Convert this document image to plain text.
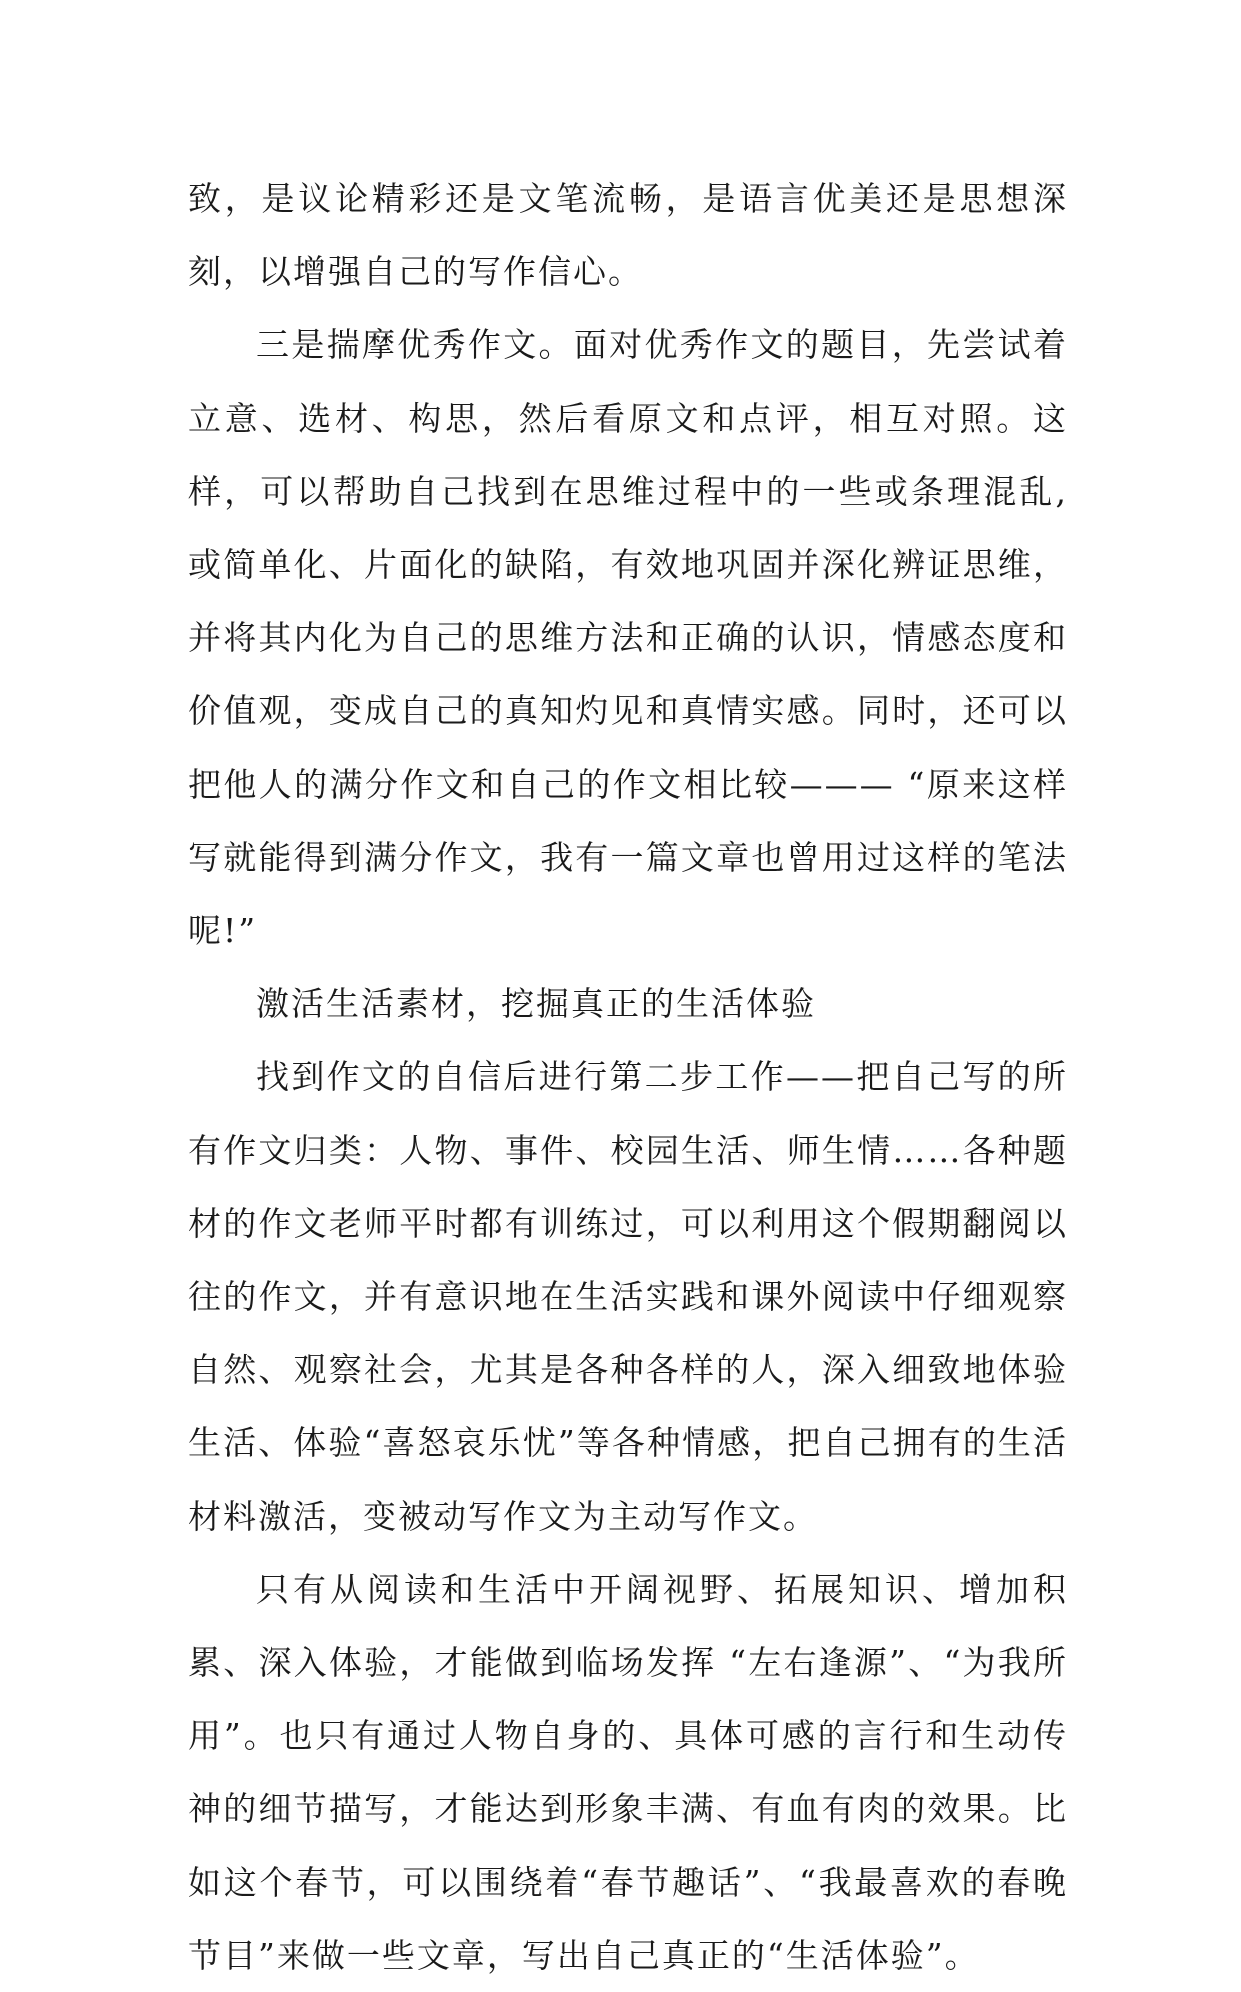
致，是议论精彩还是文笔流畅，是语言优美还是思想深刻，以增强自己的写作信心。

三是揣摩优秀作文。面对优秀作文的题目，先尝试着立意、选材、构思，然后看原文和点评，相互对照。这样，可以帮助自己找到在思维过程中的一些或条理混乱,或简单化、片面化的缺陷，有效地巩固并深化辨证思维，并将其内化为自己的思维方法和正确的认识，情感态度和价值观，变成自己的真知灼见和真情实感。同时，还可以把他人的满分作文和自己的作文相比较——— “原来这样写就能得到满分作文，我有一篇文章也曾用过这样的笔法呢!”

激活生活素材，挖掘真正的生活体验

找到作文的自信后进行第二步工作——把自己写的所有作文归类：人物、事件、校园生活、师生情……各种题材的作文老师平时都有训练过，可以利用这个假期翻阅以往的作文，并有意识地在生活实践和课外阅读中仔细观察自然、观察社会，尤其是各种各样的人，深入细致地体验生活、体验“喜怒哀乐忧”等各种情感，把自己拥有的生活材料激活，变被动写作文为主动写作文。

只有从阅读和生活中开阔视野、拓展知识、增加积累、深入体验，才能做到临场发挥 “左右逢源”、“为我所用”。也只有通过人物自身的、具体可感的言行和生动传神的细节描写，才能达到形象丰满、有血有肉的效果。比如这个春节，可以围绕着“春节趣话”、“我最喜欢的春晚节目”来做一些文章，写出自己真正的“生活体验”。
